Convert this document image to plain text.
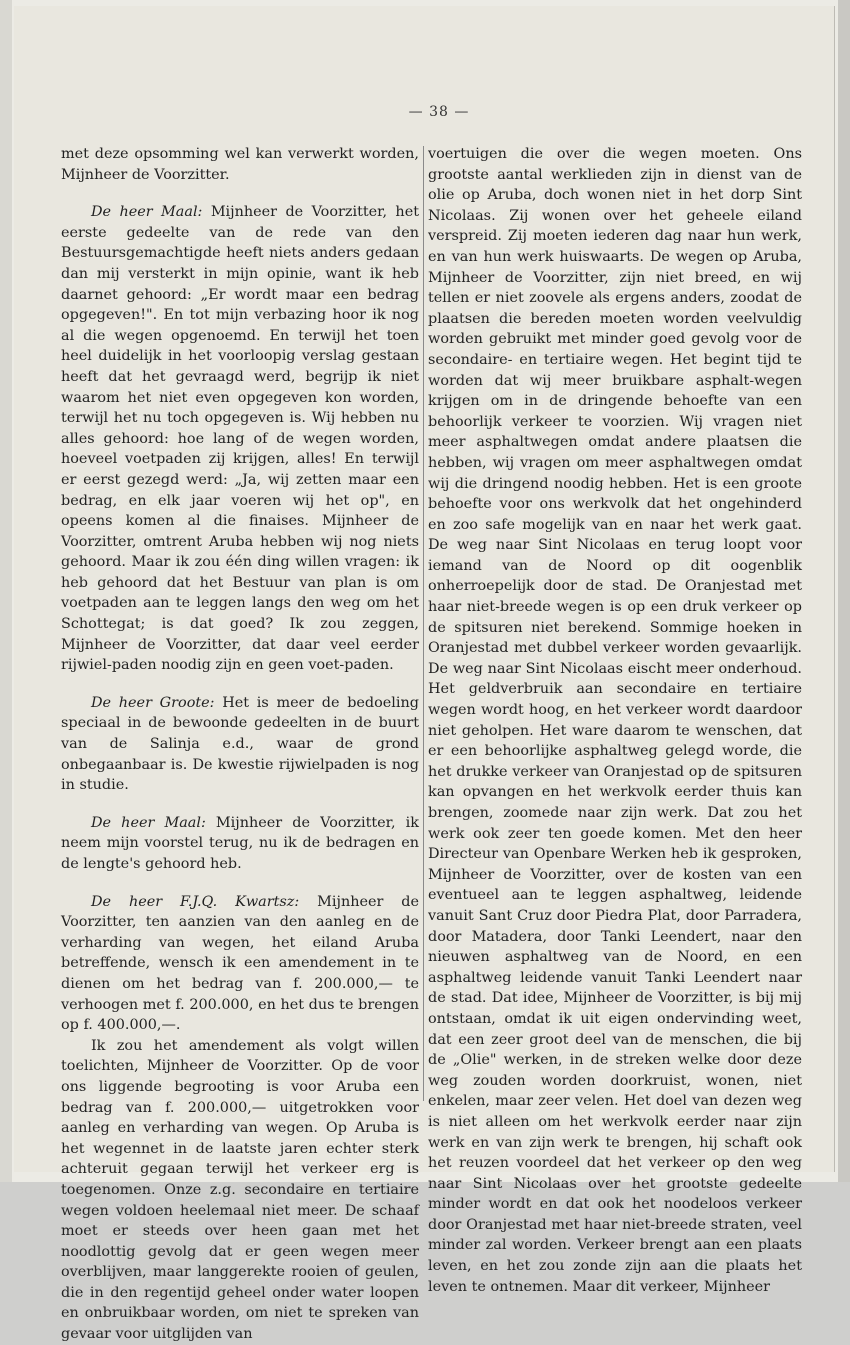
— 38 —

met deze opsomming wel kan verwerkt worden, Mijnheer de Voorzitter.

De heer Maal: Mijnheer de Voorzitter, het eerste gedeelte van de rede van den Bestuursgemachtigde heeft niets anders gedaan dan mij versterkt in mijn opinie, want ik heb daarnet gehoord: „Er wordt maar een bedrag opgegeven!". En tot mijn verbazing hoor ik nog al die wegen opgenoemd. En terwijl het toen heel duidelijk in het voorloopig verslag gestaan heeft dat het gevraagd werd, begrijp ik niet waarom het niet even opgegeven kon worden, terwijl het nu toch opgegeven is. Wij hebben nu alles gehoord: hoe lang of de wegen worden, hoeveel voetpaden zij krijgen, alles! En terwijl er eerst gezegd werd: „Ja, wij zetten maar een bedrag, en elk jaar voeren wij het op", en opeens komen al die finaises. Mijnheer de Voorzitter, omtrent Aruba hebben wij nog niets gehoord. Maar ik zou één ding willen vragen: ik heb gehoord dat het Bestuur van plan is om voetpaden aan te leggen langs den weg om het Schottegat; is dat goed? Ik zou zeggen, Mijnheer de Voorzitter, dat daar veel eerder rijwiel-paden noodig zijn en geen voet-paden.

De heer Groote: Het is meer de bedoeling speciaal in de bewoonde gedeelten in de buurt van de Salinja e.d., waar de grond onbegaanbaar is. De kwestie rijwielpaden is nog in studie.

De heer Maal: Mijnheer de Voorzitter, ik neem mijn voorstel terug, nu ik de bedragen en de lengte's gehoord heb.

De heer F.J.Q. Kwartsz: Mijnheer de Voorzitter, ten aanzien van den aanleg en de verharding van wegen, het eiland Aruba betreffende, wensch ik een amendement in te dienen om het bedrag van f. 200.000,— te verhoogen met f. 200.000, en het dus te brengen op f. 400.000,—.

Ik zou het amendement als volgt willen toelichten, Mijnheer de Voorzitter. Op de voor ons liggende begrooting is voor Aruba een bedrag van f. 200.000,— uitgetrokken voor aanleg en verharding van wegen. Op Aruba is het wegennet in de laatste jaren echter sterk achteruit gegaan terwijl het verkeer erg is toegenomen. Onze z.g. secondaire en tertiaire wegen voldoen heelemaal niet meer. De schaaf moet er steeds over heen gaan met het noodlottig gevolg dat er geen wegen meer overblijven, maar langgerekte rooien of geulen, die in den regentijd geheel onder water loopen en onbruikbaar worden, om niet te spreken van gevaar voor uitglijden van

voertuigen die over die wegen moeten. Ons grootste aantal werklieden zijn in dienst van de olie op Aruba, doch wonen niet in het dorp Sint Nicolaas. Zij wonen over het geheele eiland verspreid. Zij moeten iederen dag naar hun werk, en van hun werk huiswaarts. De wegen op Aruba, Mijnheer de Voorzitter, zijn niet breed, en wij tellen er niet zoovele als ergens anders, zoodat de plaatsen die bereden moeten worden veelvuldig worden gebruikt met minder goed gevolg voor de secondaire- en tertiaire wegen. Het begint tijd te worden dat wij meer bruikbare asphalt-wegen krijgen om in de dringende behoefte van een behoorlijk verkeer te voorzien. Wij vragen niet meer asphaltwegen omdat andere plaatsen die hebben, wij vragen om meer asphaltwegen omdat wij die dringend noodig hebben. Het is een groote behoefte voor ons werkvolk dat het ongehinderd en zoo safe mogelijk van en naar het werk gaat. De weg naar Sint Nicolaas en terug loopt voor iemand van de Noord op dit oogenblik onherroepelijk door de stad. De Oranjestad met haar niet-breede wegen is op een druk verkeer op de spitsuren niet berekend. Sommige hoeken in Oranjestad met dubbel verkeer worden gevaarlijk. De weg naar Sint Nicolaas eischt meer onderhoud. Het geldverbruik aan secondaire en tertiaire wegen wordt hoog, en het verkeer wordt daardoor niet geholpen. Het ware daarom te wenschen, dat er een behoorlijke asphaltweg gelegd worde, die het drukke verkeer van Oranjestad op de spitsuren kan opvangen en het werkvolk eerder thuis kan brengen, zoomede naar zijn werk. Dat zou het werk ook zeer ten goede komen. Met den heer Directeur van Openbare Werken heb ik gesproken, Mijnheer de Voorzitter, over de kosten van een eventueel aan te leggen asphaltweg, leidende vanuit Sant Cruz door Piedra Plat, door Parradera, door Matadera, door Tanki Leendert, naar den nieuwen asphaltweg van de Noord, en een asphaltweg leidende vanuit Tanki Leendert naar de stad. Dat idee, Mijnheer de Voorzitter, is bij mij ontstaan, omdat ik uit eigen ondervinding weet, dat een zeer groot deel van de menschen, die bij de „Olie" werken, in de streken welke door deze weg zouden worden doorkruist, wonen, niet enkelen, maar zeer velen. Het doel van dezen weg is niet alleen om het werkvolk eerder naar zijn werk en van zijn werk te brengen, hij schaft ook het reuzen voordeel dat het verkeer op den weg naar Sint Nicolaas over het grootste gedeelte minder wordt en dat ook het noodeloos verkeer door Oranjestad met haar niet-breede straten, veel minder zal worden. Verkeer brengt aan een plaats leven, en het zou zonde zijn aan die plaats het leven te ontnemen. Maar dit verkeer, Mijnheer
